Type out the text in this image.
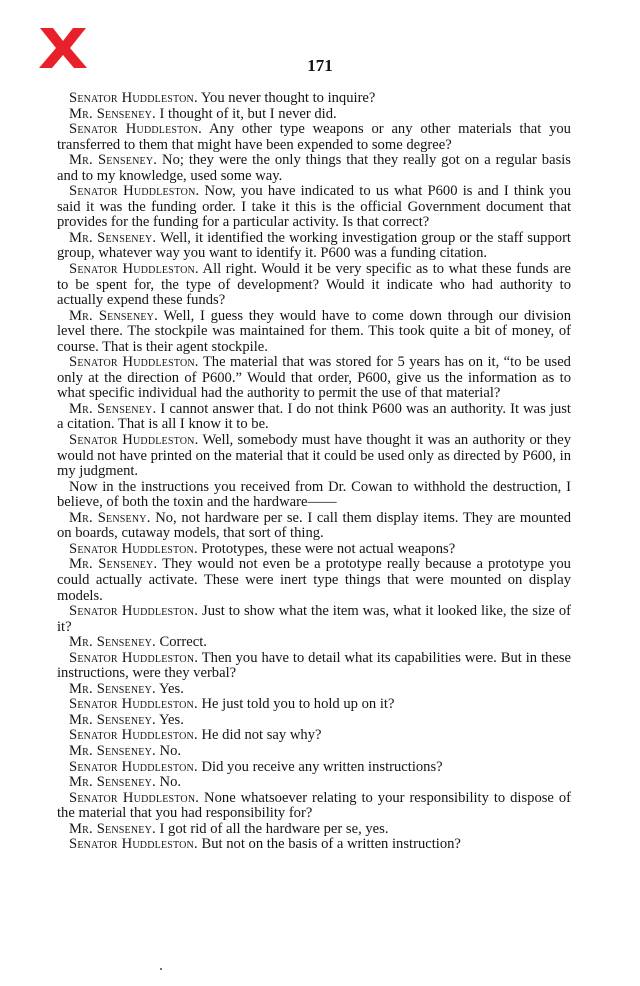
171

Senator Huddleston. You never thought to inquire?

Mr. Senseney. I thought of it, but I never did.

Senator Huddleston. Any other type weapons or any other materials that you transferred to them that might have been expended to some degree?

Mr. Senseney. No; they were the only things that they really got on a regular basis and to my knowledge, used some way.

Senator Huddleston. Now, you have indicated to us what P600 is and I think you said it was the funding order. I take it this is the official Government document that provides for the funding for a particular activity. Is that correct?

Mr. Senseney. Well, it identified the working investigation group or the staff support group, whatever way you want to identify it. P600 was a funding citation.

Senator Huddleston. All right. Would it be very specific as to what these funds are to be spent for, the type of development? Would it indicate who had authority to actually expend these funds?

Mr. Senseney. Well, I guess they would have to come down through our division level there. The stockpile was maintained for them. This took quite a bit of money, of course. That is their agent stockpile.

Senator Huddleston. The material that was stored for 5 years has on it, “to be used only at the direction of P600.” Would that order, P600, give us the information as to what specific individual had the authority to permit the use of that material?

Mr. Senseney. I cannot answer that. I do not think P600 was an authority. It was just a citation. That is all I know it to be.

Senator Huddleston. Well, somebody must have thought it was an authority or they would not have printed on the material that it could be used only as directed by P600, in my judgment.

Now in the instructions you received from Dr. Cowan to withhold the destruction, I believe, of both the toxin and the hardware——

Mr. Senseny. No, not hardware per se. I call them display items. They are mounted on boards, cutaway models, that sort of thing.

Senator Huddleston. Prototypes, these were not actual weapons?

Mr. Senseney. They would not even be a prototype really because a prototype you could actually activate. These were inert type things that were mounted on display models.

Senator Huddleston. Just to show what the item was, what it looked like, the size of it?

Mr. Senseney. Correct.

Senator Huddleston. Then you have to detail what its capabilities were. But in these instructions, were they verbal?

Mr. Senseney. Yes.

Senator Huddleston. He just told you to hold up on it?

Mr. Senseney. Yes.

Senator Huddleston. He did not say why?

Mr. Senseney. No.

Senator Huddleston. Did you receive any written instructions?

Mr. Senseney. No.

Senator Huddleston. None whatsoever relating to your responsibility to dispose of the material that you had responsibility for?

Mr. Senseney. I got rid of all the hardware per se, yes.

Senator Huddleston. But not on the basis of a written instruction?
